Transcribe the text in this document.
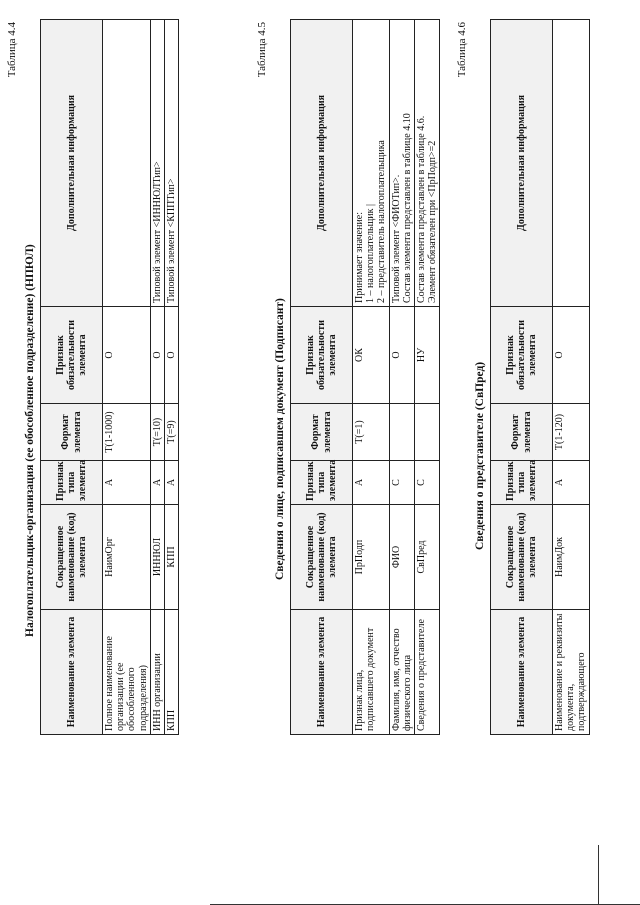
Таблица 4.4
Налогоплательщик-организация (ее обособленное подразделение) (НПЮЛ)
Наименование элемента	Сокращенное наименование (код) элемента	Признак типа элемента	Формат элемента	Признак обязательности элемента	Дополнительная информация
Полное наименование организации (ее обособленного подразделения)	НаимОрг	А	T(1-1000)	О	
ИНН организации	ИННЮЛ	А	T(=10)	О	Типовой элемент <ИННЮЛТип>
КПП	КПП	А	T(=9)	О	Типовой элемент <КППТип>
Таблица 4.5
Сведения о лице, подписавшем документ (Подписант)
Наименование элемента	Сокращенное наименование (код) элемента	Признак типа элемента	Формат элемента	Признак обязательности элемента	Дополнительная информация
Признак лица, подписавшего документ	ПрПодп	А	T(=1)	ОК	Принимает значение: 1 – налогоплательщик | 2 – представитель налогоплательщика

Фамилия, имя, отчество физического лица	ФИО	С		О	Типовой элемент <ФИОТип>. Состав элемента представлен в таблице 4.10

Сведения о представителе	СвПред	С		НУ	Состав элемента представлен в таблице 4.6. Элемент обязателен при <ПрПодп>=2
Таблица 4.6
Сведения о представителе (СвПред)
Наименование элемента	Сокращенное наименование (код) элемента	Признак типа элемента	Формат элемента	Признак обязательности элемента	Дополнительная информация
Наименование и реквизиты документа, подтверждающего	НаимДок	А	T(1-120)	О	
